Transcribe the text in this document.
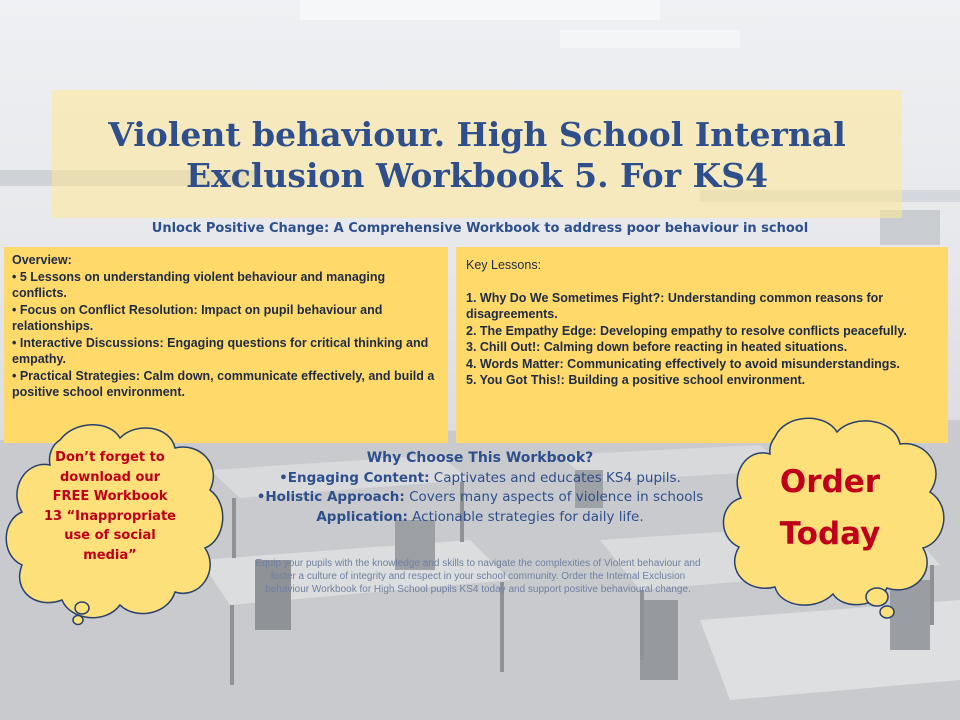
Violent behaviour. High School Internal
Exclusion Workbook 5. For KS4
Unlock Positive Change: A Comprehensive Workbook to address poor behaviour in school
Overview:
• 5 Lessons on understanding violent behaviour and managing conflicts.
• Focus on Conflict Resolution: Impact on pupil behaviour and relationships.
• Interactive Discussions: Engaging questions for critical thinking and empathy.
• Practical Strategies: Calm down, communicate effectively, and build a positive school environment.
Key Lessons:
1. Why Do We Sometimes Fight?: Understanding common reasons for disagreements.
2. The Empathy Edge: Developing empathy to resolve conflicts peacefully.
3. Chill Out!: Calming down before reacting in heated situations.
4. Words Matter: Communicating effectively to avoid misunderstandings.
5. You Got This!: Building a positive school environment.
Why Choose This Workbook?
•Engaging Content: Captivates and educates KS4 pupils.
•Holistic Approach: Covers many aspects of violence in schools
Application: Actionable strategies for daily life.
Equip your pupils with the knowledge and skills to navigate the complexities of Violent behaviour and foster a culture of integrity and respect in your school community. Order the Internal Exclusion behaviour Workbook for High School pupils KS4 today and support positive behavioural change.
Don’t forget to
download our
FREE Workbook
13 “Inappropriate
use of social
media”
Order
Today
